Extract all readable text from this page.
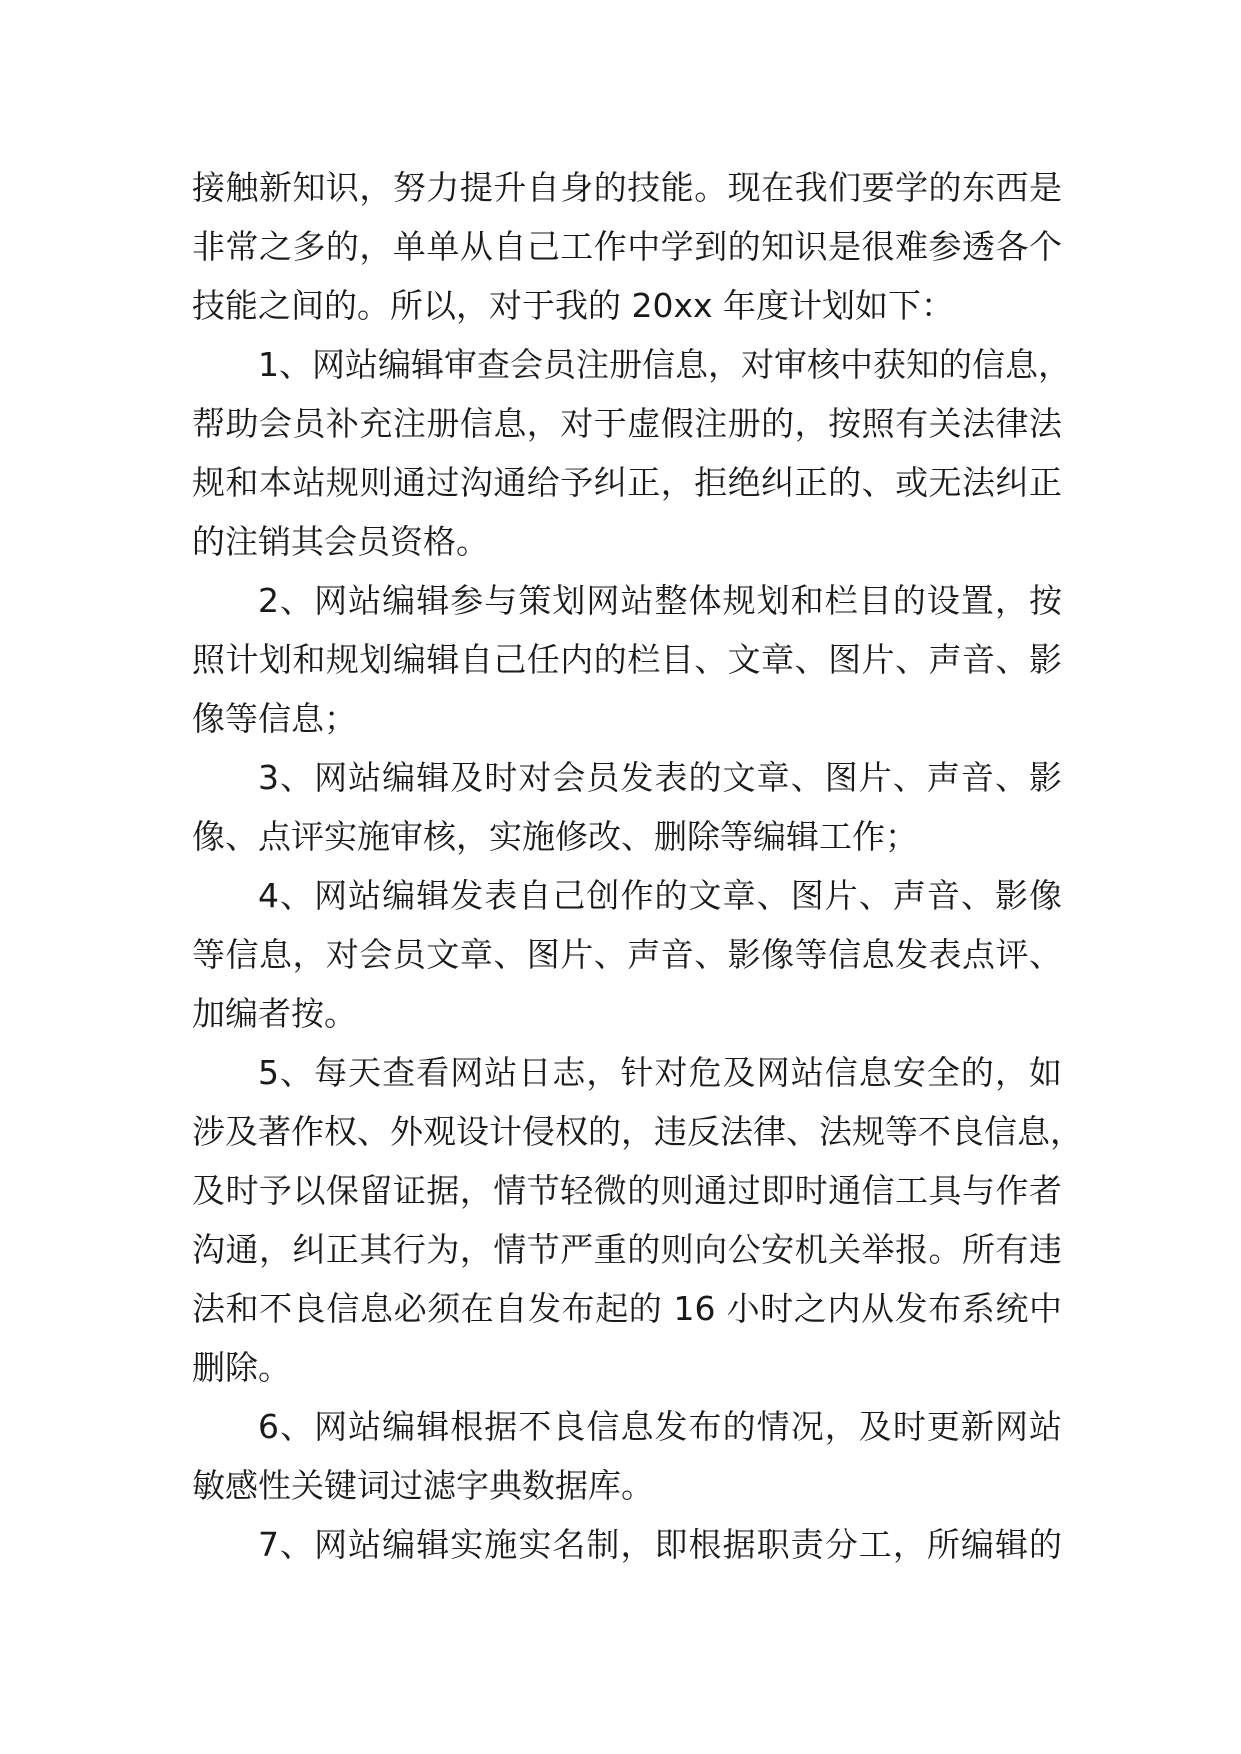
接触新知识，努力提升自身的技能。现在我们要学的东西是
非常之多的，单单从自己工作中学到的知识是很难参透各个
技能之间的。所以，对于我的 20xx 年度计划如下：
1、网站编辑审查会员注册信息，对审核中获知的信息，
帮助会员补充注册信息，对于虚假注册的，按照有关法律法
规和本站规则通过沟通给予纠正，拒绝纠正的、或无法纠正
的注销其会员资格。
2、网站编辑参与策划网站整体规划和栏目的设置，按
照计划和规划编辑自己任内的栏目、文章、图片、声音、影
像等信息；
3、网站编辑及时对会员发表的文章、图片、声音、影
像、点评实施审核，实施修改、删除等编辑工作；
4、网站编辑发表自己创作的文章、图片、声音、影像
等信息，对会员文章、图片、声音、影像等信息发表点评、
加编者按。
5、每天查看网站日志，针对危及网站信息安全的，如
涉及著作权、外观设计侵权的，违反法律、法规等不良信息，
及时予以保留证据，情节轻微的则通过即时通信工具与作者
沟通，纠正其行为，情节严重的则向公安机关举报。所有违
法和不良信息必须在自发布起的 16 小时之内从发布系统中
删除。
6、网站编辑根据不良信息发布的情况，及时更新网站
敏感性关键词过滤字典数据库。
7、网站编辑实施实名制，即根据职责分工，所编辑的
